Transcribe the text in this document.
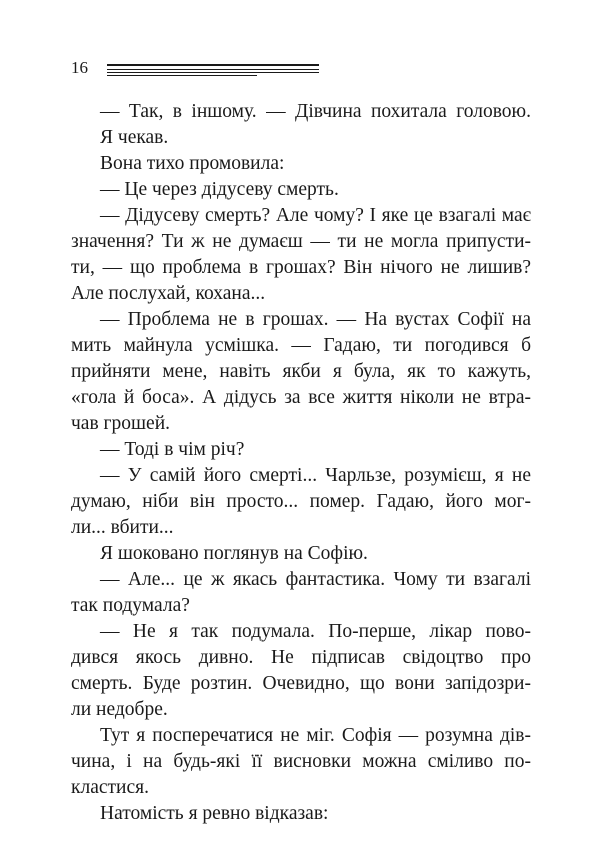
16
— Так, в іншому. — Дівчина похитала головою.
Я чекав.
Вона тихо промовила:
— Це через дідусеву смерть.
— Дідусеву смерть? Але чому? І яке це взагалі має
значення? Ти ж не думаєш — ти не могла припусти-
ти, — що проблема в грошах? Він нічого не лишив?
Але послухай, кохана...
— Проблема не в грошах. — На вустах Софії на
мить майнула усмішка. — Гадаю, ти погодився б
прийняти мене, навіть якби я була, як то кажуть,
«гола й боса». А дідусь за все життя ніколи не втра-
чав грошей.
— Тоді в чім річ?
— У самій його смерті... Чарльзе, розумієш, я не
думаю, ніби він просто... помер. Гадаю, його мог-
ли... вбити...
Я шоковано поглянув на Софію.
— Але... це ж якась фантастика. Чому ти взагалі
так подумала?
— Не я так подумала. По-перше, лікар пово-
дився якось дивно. Не підписав свідоцтво про
смерть. Буде розтин. Очевидно, що вони запідозри-
ли недобре.
Тут я посперечатися не міг. Софія — розумна дів-
чина, і на будь-які її висновки можна сміливо по-
кластися.
Натомість я ревно відказав:
